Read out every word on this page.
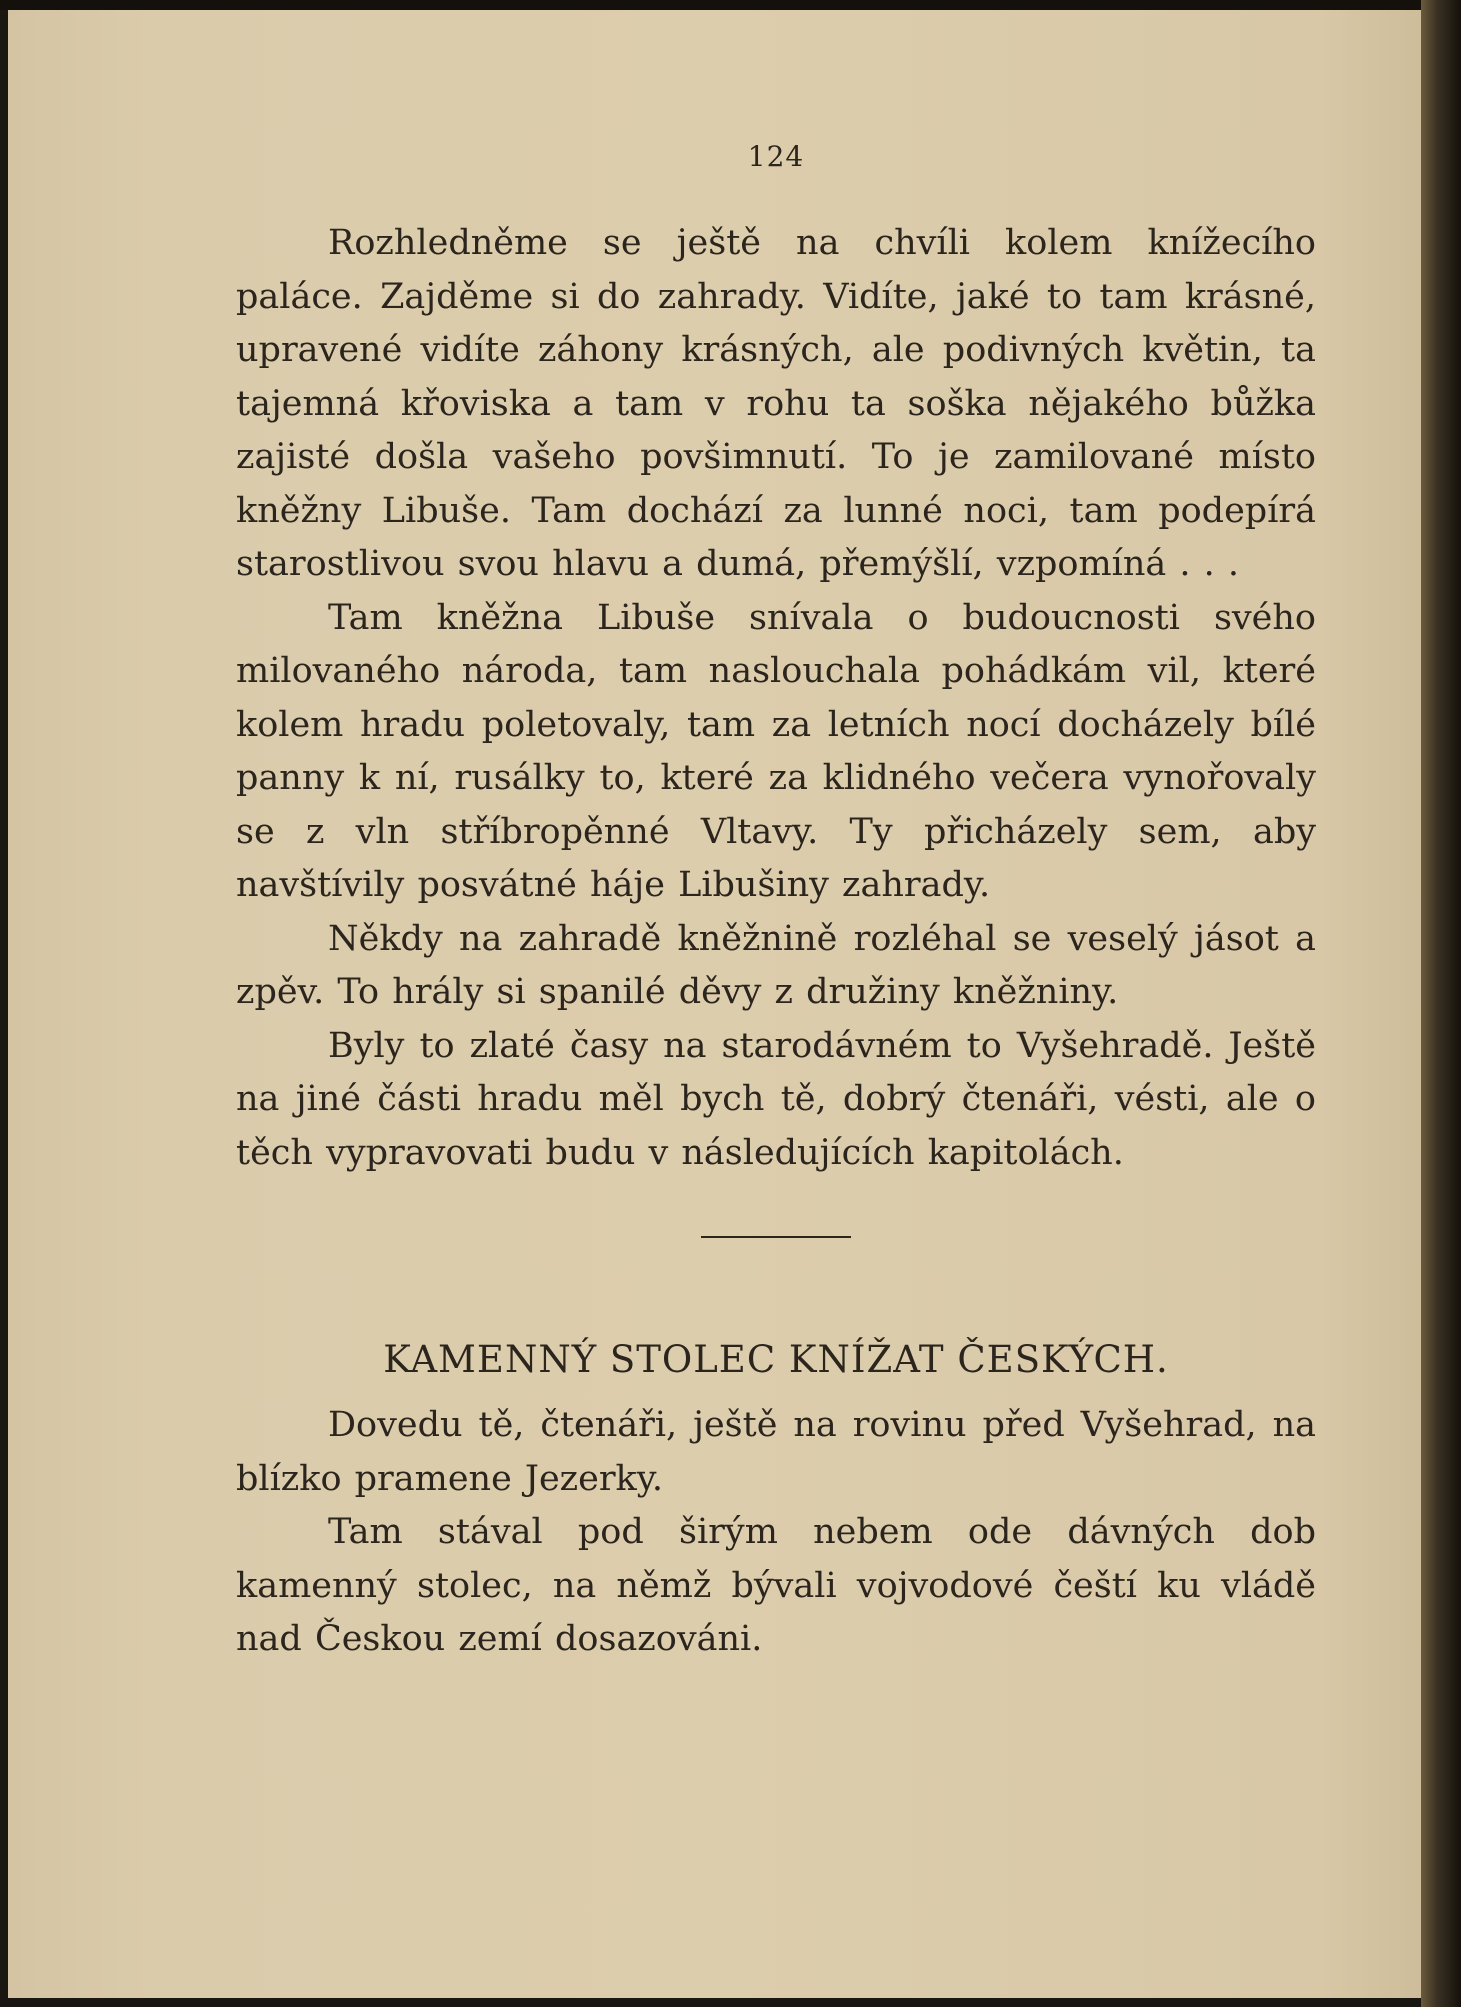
124

Rozhledněme se ještě na chvíli kolem knížecího paláce. Zajděme si do zahrady. Vidíte, jaké to tam krásné, upravené vidíte záhony krásných, ale podivných květin, ta tajemná křoviska a tam v rohu ta soška nějakého bůžka zajisté došla vašeho povšimnutí. To je zamilované místo kněžny Libuše. Tam dochází za lunné noci, tam podepírá starostlivou svou hlavu a dumá, přemýšlí, vzpomíná . . .

Tam kněžna Libuše snívala o budoucnosti svého milovaného národa, tam naslouchala pohádkám vil, které kolem hradu poletovaly, tam za letních nocí docházely bílé panny k ní, rusálky to, které za klidného večera vynořovaly se z vln stříbropěnné Vltavy. Ty přicházely sem, aby navštívily posvátné háje Libušiny zahrady.

Někdy na zahradě kněžnině rozléhal se veselý jásot a zpěv. To hrály si spanilé děvy z družiny kněžniny.

Byly to zlaté časy na starodávném to Vyšehradě. Ještě na jiné části hradu měl bych tě, dobrý čtenáři, vésti, ale o těch vypravovati budu v následujících kapitolách.

KAMENNÝ STOLEC KNÍŽAT ČESKÝCH.

Dovedu tě, čtenáři, ještě na rovinu před Vyšehrad, na blízko pramene Jezerky.

Tam stával pod širým nebem ode dávných dob kamenný stolec, na němž bývali vojvodové čeští ku vládě nad Českou zemí dosazováni.
